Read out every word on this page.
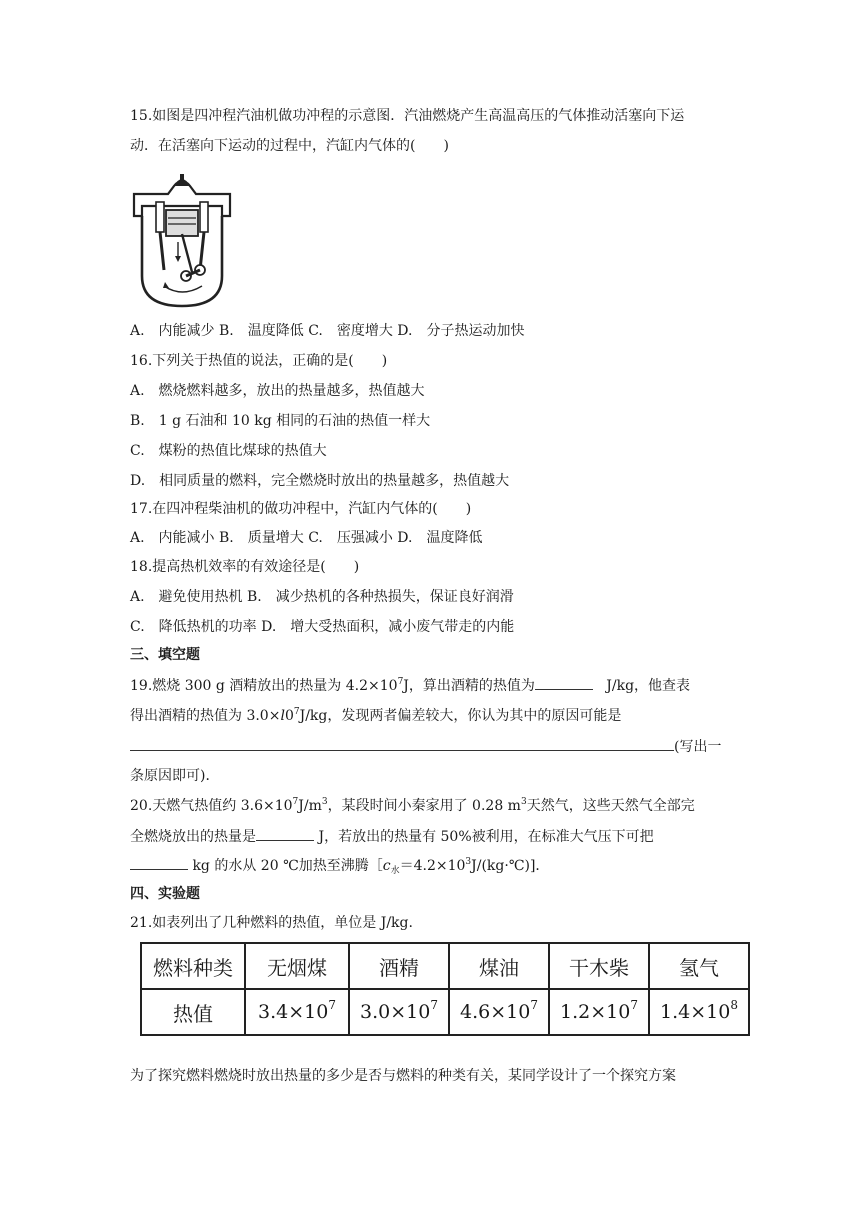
15.如图是四冲程汽油机做功冲程的示意图．汽油燃烧产生高温高压的气体推动活塞向下运
动．在活塞向下运动的过程中，汽缸内气体的(　　)
A.　内能减少 B.　温度降低 C.　密度增大 D.　分子热运动加快
16.下列关于热值的说法，正确的是(　　)
A.　燃烧燃料越多，放出的热量越多，热值越大
B.　1 g 石油和 10 kg 相同的石油的热值一样大
C.　煤粉的热值比煤球的热值大
D.　相同质量的燃料，完全燃烧时放出的热量越多，热值越大
17.在四冲程柴油机的做功冲程中，汽缸内气体的(　　)
A.　内能减小 B.　质量增大 C.　压强减小 D.　温度降低
18.提高热机效率的有效途径是(　　)
A.　避免使用热机 B.　减少热机的各种热损失，保证良好润滑
C.　降低热机的功率 D.　增大受热面积，减小废气带走的内能
三、填空题
19.燃烧 300 g 酒精放出的热量为 $4.2\times 10^7J$，算出酒精的热值为	J/kg，他查表
得出酒精的热值为 $3.0\times l0^7J/kg$，发现两者偏差较大，你认为其中的原因可能是
(写出一
条原因即可)．
20.天燃气热值约 $3.6\times 10^7J/m^3$，某段时间小秦家用了 0.28 $m^3$天然气，这些天然气全部完
全燃烧放出的热量是	J，若放出的热量有 50%被利用，在标准大气压下可把
kg 的水从 20 ℃加热至沸腾$[c_水=4.2\times 10^3J/(kg\cdot℃)$]．
四、实验题
21.如表列出了几种燃料的热值，单位是 J/kg.
燃料种类	无烟煤	酒精	煤油	干木柴	氢气
热值	$3.4\times 10^7$	$3.0\times 10^7$	$4.6\times 10^7$	$1.2\times 10^7$	$1.4\times 10^8$
为了探究燃料燃烧时放出热量的多少是否与燃料的种类有关，某同学设计了一个探究方案
